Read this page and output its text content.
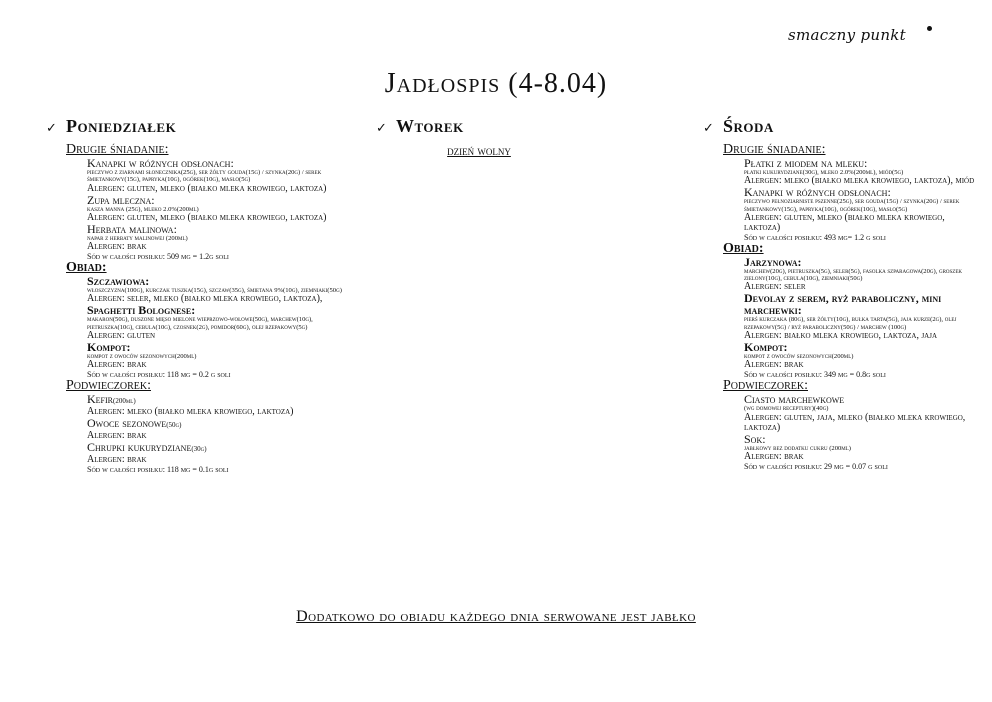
smaczny punkt
Jadłospis (4-8.04)
✓ Poniedziałek
Drugie śniadanie:
Kanapki w różnych odsłonach:
pieczywo z ziarnami słonecznika(25g), ser żółty gouda(15g) / szynka(20g) / serek śmietankowy(15g), papryka(10g), ogórek(10g), masło(5g)
Alergen: gluten, mleko (białko mleka krowiego, laktoza)
Zupa mleczna:
kasza manna (25g), mleko 2.0%(200ml)
Alergen: gluten, mleko (białko mleka krowiego, laktoza)
Herbata malinowa:
napar z herbaty malinowej (200ml)
Alergen: brak
Sód w całości posiłku: 509 mg = 1.2g soli
Obiad:
Szczawiowa:
włoszczyzna(100g), kurczak tuszka(15g), szczaw(35g), śmietana 9%(10g), ziemniaki(50g)
Alergen: seler, mleko (białko mleka krowiego, laktoza),
Spaghetti Bolognese:
makaron(50g), duszone mięso mielone wieprzowo-wołowe(50g), marchew(10g), pietruszka(10g), cebula(10g), czosnek(2g), pomidor(60g), olej rzepakowy(5g)
Alergen: gluten
Kompot:
kompot z owoców sezonowych(200ml)
Alergen: brak
Sód w całości posiłku: 118 mg = 0.2 g soli
Podwieczorek:
Kefir(200ml)
Alergen: mleko (białko mleka krowiego, laktoza)
Owoce sezonowe(50g)
Alergen: brak
Chrupki kukurydziane(30g)
Alergen: brak
Sód w całości posiłku: 118 mg = 0.1g soli
✓ Wtorek
dzień wolny
✓ Środa
Drugie śniadanie:
Płatki z miodem na mleku:
płatki kukurydziane(30g), mleko 2.0%(200ml), miód(5g)
Alergen: mleko (białko mleka krowiego, laktoza), miód
Kanapki w różnych odsłonach:
pieczywo pełnoziarniste pszenne(25g), ser gouda(15g) / szynka(20g) / serek śmietankowy(15g), papryka(10g), ogórek(10g), masło(5g)
Alergen: gluten, mleko (białko mleka krowiego, laktoza)
Sód w całości posiłku: 493 mg= 1.2 g soli
Obiad:
Jarzynowa:
marchew(20g), pietruszka(5g), seler(5g), fasolka szparagowa(20g), groszek zielony(10g), cebula(10g), ziemniaki(50g)
Alergen: seler
Devolay z serem, ryż paraboliczny, mini marchewki:
pierś kurczaka (80g), ser żółty(10g), bułka tarta(5g), jaja kurze(2g), olej rzepakowy(5g) / ryż paraboliczny(50g) / marchew (100g)
Alergen: białko mleka krowiego, laktoza, jaja
Kompot:
kompot z owoców sezonowych(200ml)
Alergen: brak
Sód w całości posiłku: 349 mg = 0.8g soli
Podwieczorek:
Ciasto marchewkowe
(wg domowej receptury)(40g)
Alergen: gluten, jaja, mleko (białko mleka krowiego, laktoza)
Sok:
jabłkowy bez dodatku cukru (200ml)
Alergen: brak
Sód w całości posiłku: 29 mg = 0.07 g soli
Dodatkowo do obiadu każdego dnia serwowane jest jabłko
